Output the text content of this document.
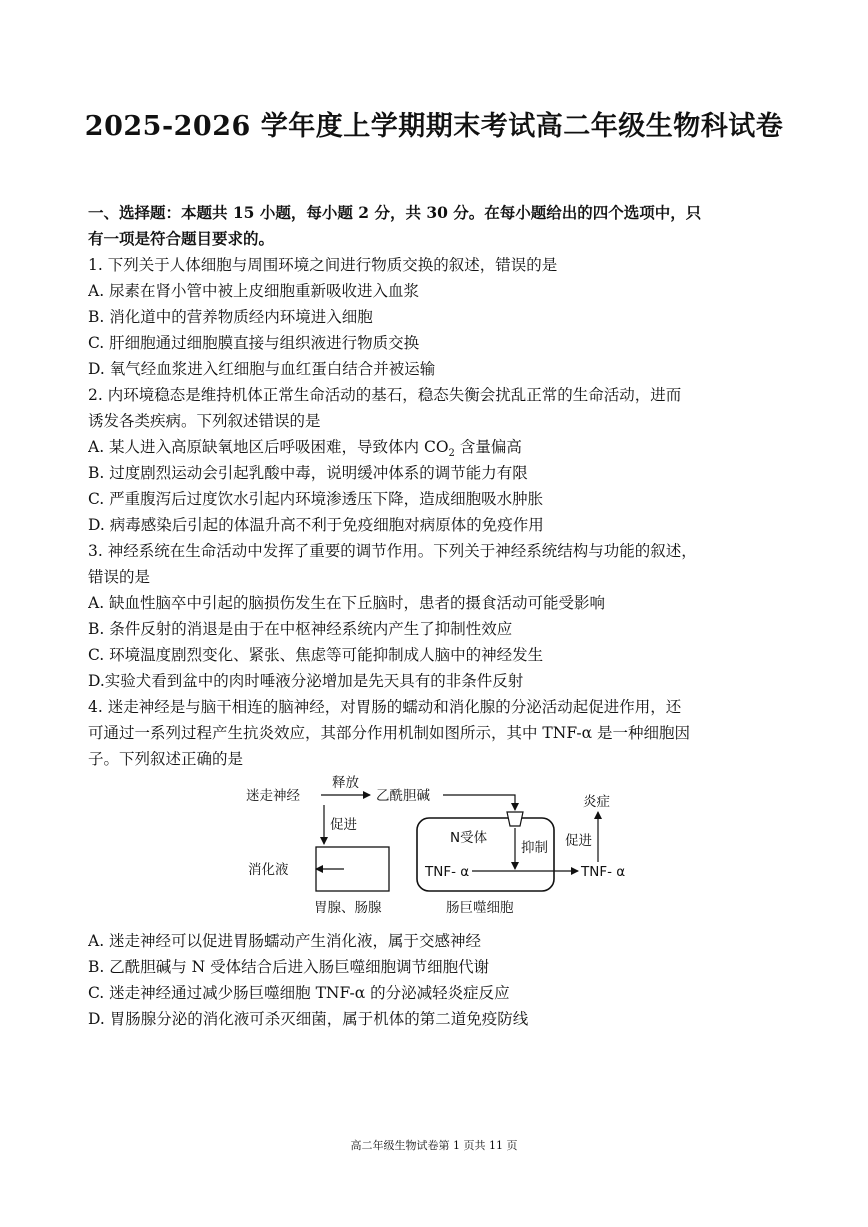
2025-2026 学年度上学期期末考试高二年级生物科试卷
一、选择题：本题共 15 小题，每小题 2 分，共 30 分。在每小题给出的四个选项中，只
有一项是符合题目要求的。
1. 下列关于人体细胞与周围环境之间进行物质交换的叙述，错误的是
A. 尿素在肾小管中被上皮细胞重新吸收进入血浆
B. 消化道中的营养物质经内环境进入细胞
C. 肝细胞通过细胞膜直接与组织液进行物质交换
D. 氧气经血浆进入红细胞与血红蛋白结合并被运输
2. 内环境稳态是维持机体正常生命活动的基石，稳态失衡会扰乱正常的生命活动，进而
诱发各类疾病。下列叙述错误的是
A. 某人进入高原缺氧地区后呼吸困难，导致体内 $CO_2$ 含量偏高
B. 过度剧烈运动会引起乳酸中毒，说明缓冲体系的调节能力有限
C. 严重腹泻后过度饮水引起内环境渗透压下降，造成细胞吸水肿胀
D. 病毒感染后引起的体温升高不利于免疫细胞对病原体的免疫作用
3. 神经系统在生命活动中发挥了重要的调节作用。下列关于神经系统结构与功能的叙述，
错误的是
A. 缺血性脑卒中引起的脑损伤发生在下丘脑时，患者的摄食活动可能受影响
B. 条件反射的消退是由于在中枢神经系统内产生了抑制性效应
C. 环境温度剧烈变化、紧张、焦虑等可能抑制成人脑中的神经发生
D.实验犬看到盆中的肉时唾液分泌增加是先天具有的非条件反射
4. 迷走神经是与脑干相连的脑神经，对胃肠的蠕动和消化腺的分泌活动起促进作用，还
可通过一系列过程产生抗炎效应，其部分作用机制如图所示，其中 TNF-α 是一种细胞因
子。下列叙述正确的是
迷走神经
释放
乙酰胆碱
促进
消化液
胃腺、肠腺
N受体
抑制
TNF- α	TNF- α
肠巨噬细胞
促进
炎症
A. 迷走神经可以促进胃肠蠕动产生消化液，属于交感神经
B. 乙酰胆碱与 N 受体结合后进入肠巨噬细胞调节细胞代谢
C. 迷走神经通过减少肠巨噬细胞 TNF-α 的分泌减轻炎症反应
D. 胃肠腺分泌的消化液可杀灭细菌，属于机体的第二道免疫防线
高二年级生物试卷第 1 页共 11 页
